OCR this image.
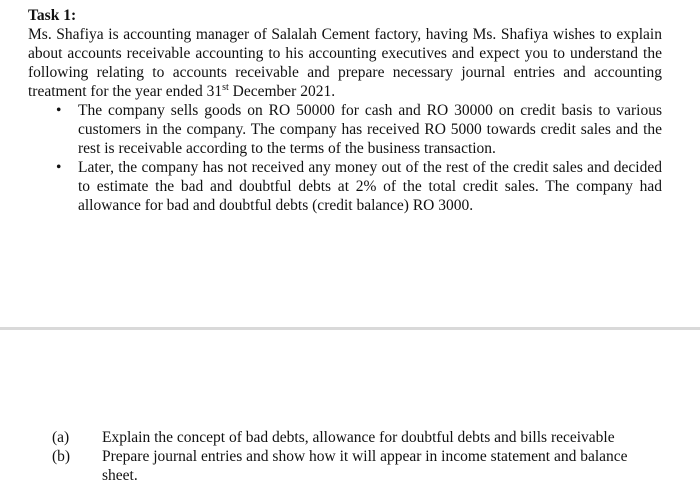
Task 1:

Ms. Shafiya is accounting manager of Salalah Cement factory, having Ms. Shafiya wishes to explain about accounts receivable accounting to his accounting executives and expect you to understand the following relating to accounts receivable and prepare necessary journal entries and accounting treatment for the year ended 31st December 2021.

• The company sells goods on RO 50000 for cash and RO 30000 on credit basis to various customers in the company. The company has received RO 5000 towards credit sales and the rest is receivable according to the terms of the business transaction.
• Later, the company has not received any money out of the rest of the credit sales and decided to estimate the bad and doubtful debts at 2% of the total credit sales. The company had allowance for bad and doubtful debts (credit balance) RO 3000.
(a)	Explain the concept of bad debts, allowance for doubtful debts and bills receivable
(b)	Prepare journal entries and show how it will appear in income statement and balance sheet.
